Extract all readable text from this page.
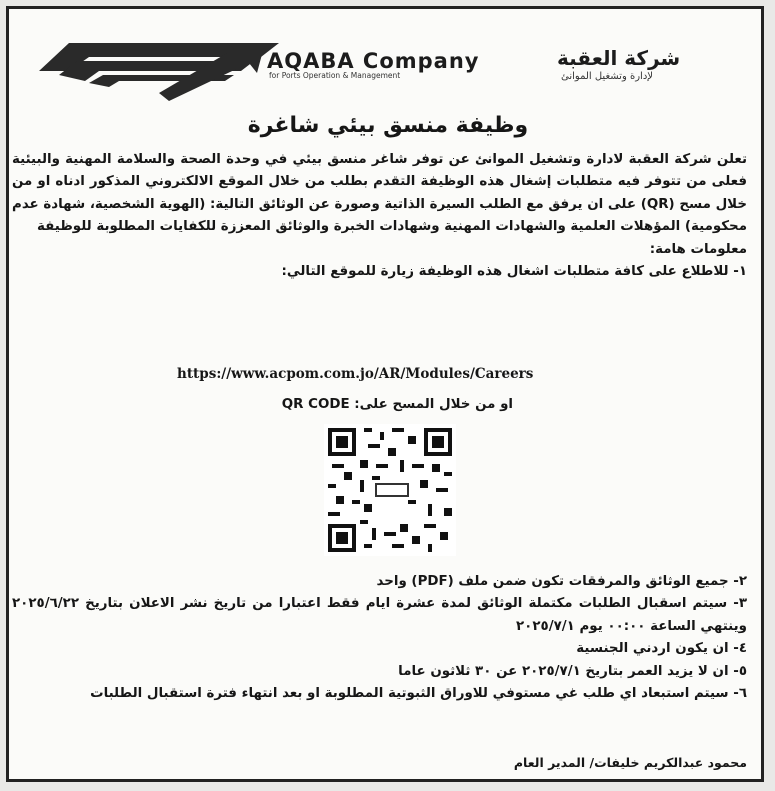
AQABA Company
for Ports Operation & Management
شركة العقبة
لإدارة وتشغيل الموانئ
وظيفة منسق بيئي شاغرة

تعلن شركة العقبة لادارة وتشغيل الموانئ عن توفر شاغر منسق بيئي في وحدة الصحة والسلامة المهنية والبيئية فعلى من تتوفر فيه متطلبات إشغال هذه الوظيفة التقدم بطلب من خلال الموقع الالكتروني المذكور ادناه او من خلال مسح (QR) على ان يرفق مع الطلب السيرة الذاتية وصورة عن الوثائق التالية: (الهوية الشخصية، شهادة عدم محكومية) المؤهلات العلمية والشهادات المهنية وشهادات الخبرة والوثائق المعززة للكفايات المطلوبة للوظيفة

معلومات هامة:

١- للاطلاع على كافة متطلبات اشغال هذه الوظيفة زيارة للموقع التالي:

https://www.acpom.com.jo/AR/Modules/Careers
او من خلال المسح على: QR CODE

٢- جميع الوثائق والمرفقات تكون ضمن ملف (PDF) واحد

٣- سيتم اسقبال الطلبات مكتملة الوثائق لمدة عشرة ايام فقط اعتبارا من تاريخ نشر الاعلان بتاريخ ٢٠٢٥/٦/٢٢ وينتهي الساعة ٠٠:٠٠ يوم ٢٠٢٥/٧/١

٤- ان يكون اردني الجنسية

٥- ان لا يزيد العمر بتاريخ ٢٠٢٥/٧/١ عن ٣٠ ثلاثون عاما

٦- سيتم استبعاد اي طلب غي مستوفي للاوراق الثبوتية المطلوبة او بعد انتهاء فترة استقبال الطلبات

محمود عبدالكريم خليفات/ المدير العام
